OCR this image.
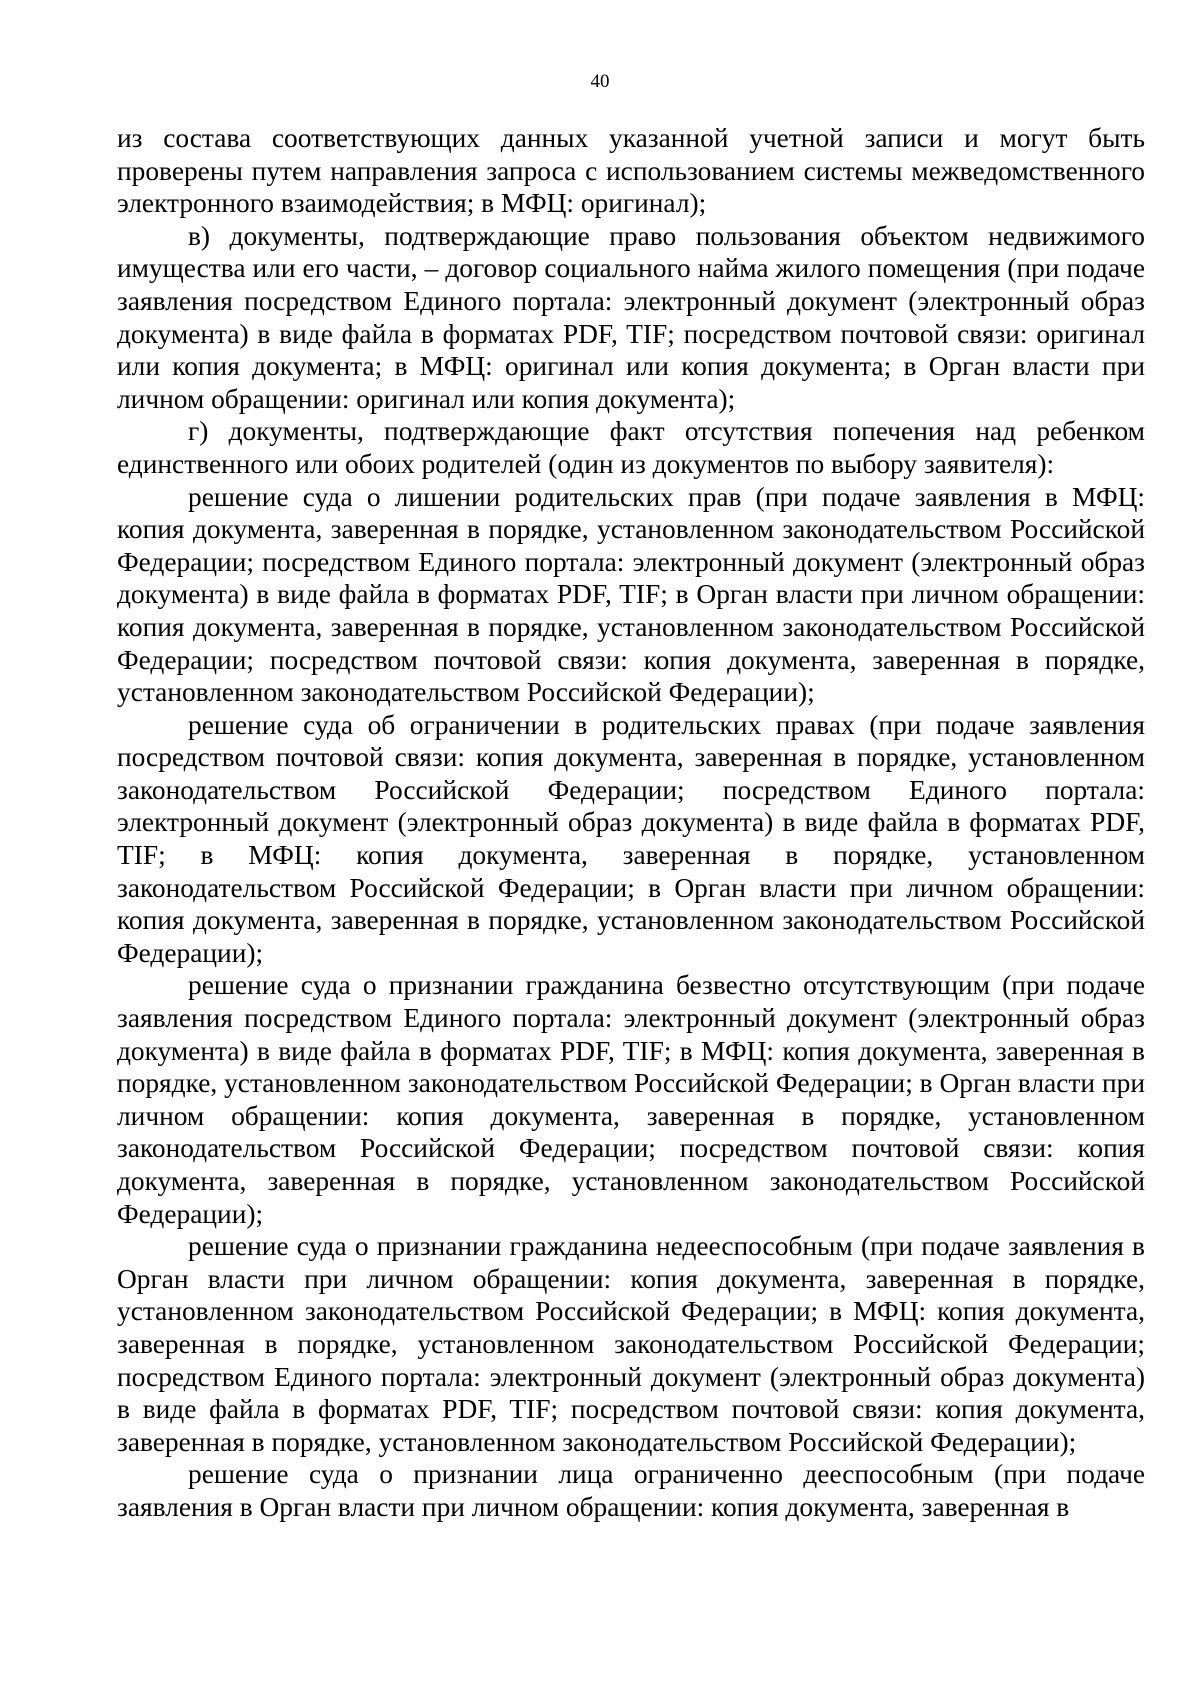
40

из состава соответствующих данных указанной учетной записи и могут быть проверены путем направления запроса с использованием системы межведомственного электронного взаимодействия; в МФЦ: оригинал);

в) документы, подтверждающие право пользования объектом недвижимого имущества или его части, – договор социального найма жилого помещения (при подаче заявления посредством Единого портала: электронный документ (электронный образ документа) в виде файла в форматах PDF, TIF; посредством почтовой связи: оригинал или копия документа; в МФЦ: оригинал или копия документа; в Орган власти при личном обращении: оригинал или копия документа);

г) документы, подтверждающие факт отсутствия попечения над ребенком единственного или обоих родителей (один из документов по выбору заявителя):

решение суда о лишении родительских прав (при подаче заявления в МФЦ: копия документа, заверенная в порядке, установленном законодательством Российской Федерации; посредством Единого портала: электронный документ (электронный образ документа) в виде файла в форматах PDF, TIF; в Орган власти при личном обращении: копия документа, заверенная в порядке, установленном законодательством Российской Федерации; посредством почтовой связи: копия документа, заверенная в порядке, установленном законодательством Российской Федерации);

решение суда об ограничении в родительских правах (при подаче заявления посредством почтовой связи: копия документа, заверенная в порядке, установленном законодательством Российской Федерации; посредством Единого портала: электронный документ (электронный образ документа) в виде файла в форматах PDF, TIF; в МФЦ: копия документа, заверенная в порядке, установленном законодательством Российской Федерации; в Орган власти при личном обращении: копия документа, заверенная в порядке, установленном законодательством Российской Федерации);

решение суда о признании гражданина безвестно отсутствующим (при подаче заявления посредством Единого портала: электронный документ (электронный образ документа) в виде файла в форматах PDF, TIF; в МФЦ: копия документа, заверенная в порядке, установленном законодательством Российской Федерации; в Орган власти при личном обращении: копия документа, заверенная в порядке, установленном законодательством Российской Федерации; посредством почтовой связи: копия документа, заверенная в порядке, установленном законодательством Российской Федерации);

решение суда о признании гражданина недееспособным (при подаче заявления в Орган власти при личном обращении: копия документа, заверенная в порядке, установленном законодательством Российской Федерации; в МФЦ: копия документа, заверенная в порядке, установленном законодательством Российской Федерации; посредством Единого портала: электронный документ (электронный образ документа) в виде файла в форматах PDF, TIF; посредством почтовой связи: копия документа, заверенная в порядке, установленном законодательством Российской Федерации);

решение суда о признании лица ограниченно дееспособным (при подаче заявления в Орган власти при личном обращении: копия документа, заверенная в
